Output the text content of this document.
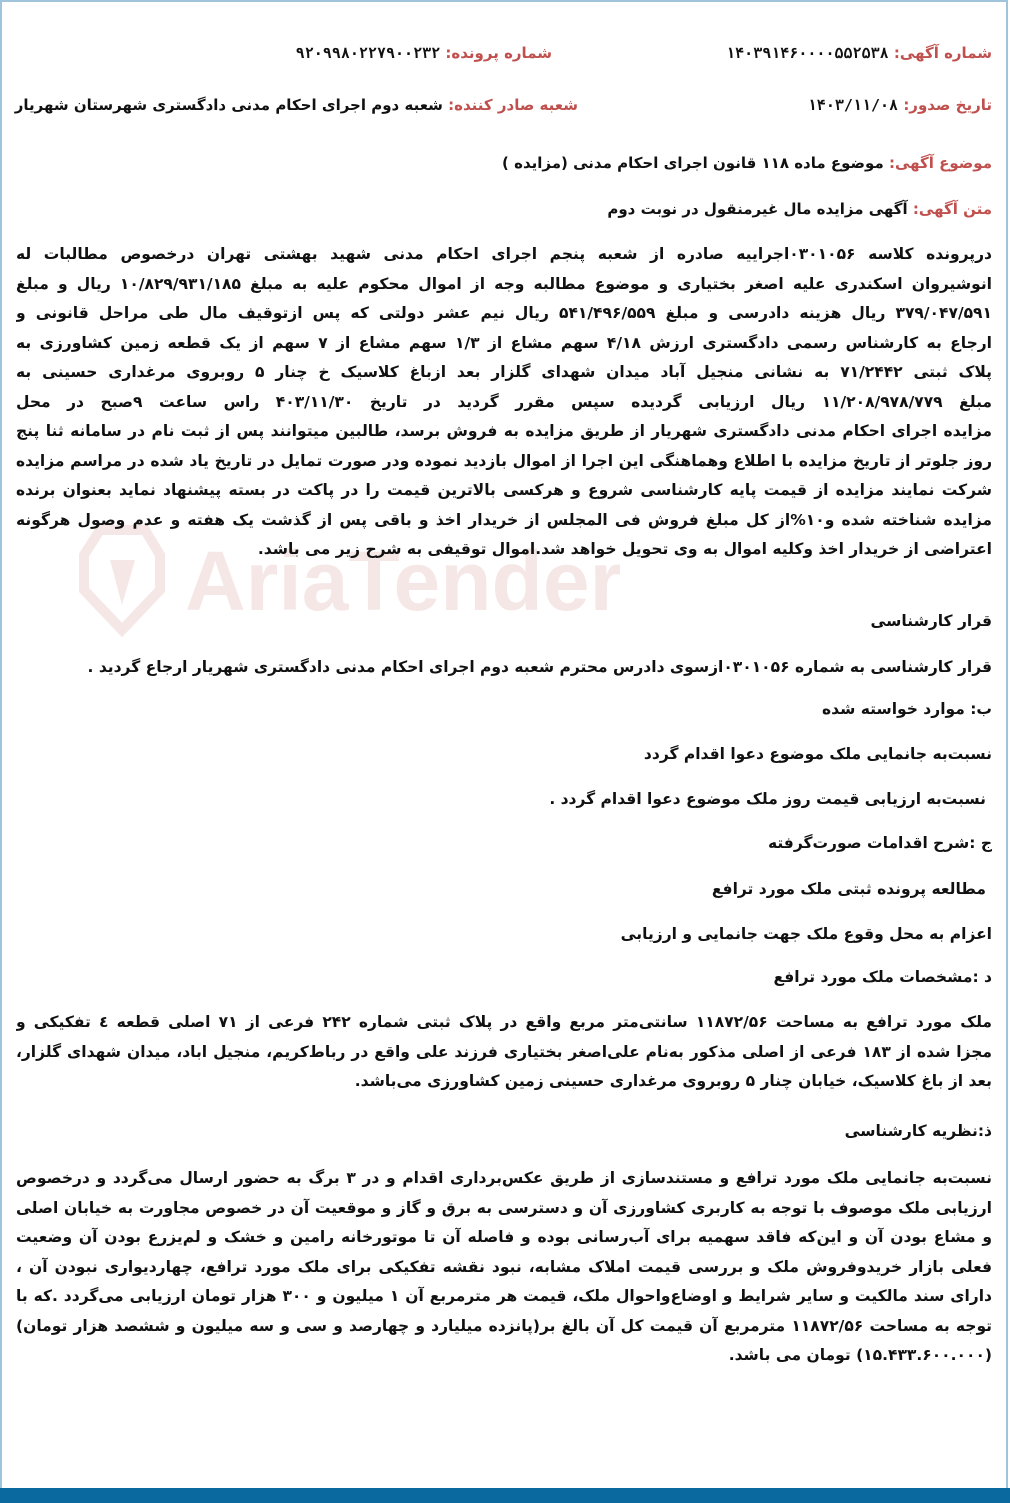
AriaTender
شماره آگهی: ۱۴۰۳۹۱۴۶۰۰۰۰۵۵۲۵۳۸
شماره پرونده: ۹۲۰۹۹۸۰۲۲۷۹۰۰۲۳۲
تاریخ صدور: ۱۴۰۳/۱۱/۰۸
شعبه صادر کننده: شعبه دوم اجرای احکام مدنی دادگستری شهرستان شهریار
موضوع آگهی: موضوع ماده ۱۱۸ قانون اجرای احکام مدنی (مزایده )
متن آگهی: آگهی مزایده مال غیرمنقول در نوبت دوم
درپرونده کلاسه ۰۳۰۱۰۵۶اجراییه صادره از شعبه پنجم اجرای احکام مدنی شهید بهشتی تهران درخصوص مطالبات له
انوشیروان اسکندری علیه اصغر بختیاری و موضوع مطالبه وجه از اموال محکوم علیه به مبلغ ۱۰/۸۲۹/۹۳۱/۱۸۵ ریال و مبلغ
۳۷۹/۰۴۷/۵۹۱ ریال هزینه دادرسی و مبلغ ۵۴۱/۴۹۶/۵۵۹ ریال نیم عشر دولتی که پس ازتوقیف مال طی مراحل قانونی و
ارجاع به کارشناس رسمی دادگستری ارزش ۴/۱۸ سهم مشاع از ۱/۳ سهم مشاع از ۷ سهم از یک قطعه زمین کشاورزی به
پلاک ثبتی ۷۱/۲۴۴۲ به نشانی منجیل آباد میدان شهدای گلزار بعد ازباغ کلاسیک خ چنار ۵ روبروی مرغداری حسینی به
مبلغ ۱۱/۲۰۸/۹۷۸/۷۷۹ ریال ارزیابی گردیده سپس مقرر گردید در تاریخ ۴۰۳/۱۱/۳۰ راس ساعت ۹صبح در محل
مزایده اجرای احکام مدنی دادگستری شهریار از طریق مزایده به فروش برسد، طالبین میتوانند پس از ثبت نام در سامانه ثنا پنج
روز جلوتر از تاریخ مزایده با اطلاع وهماهنگی این اجرا از اموال بازدید نموده ودر صورت تمایل در تاریخ یاد شده در مراسم مزایده
شرکت نمایند مزایده از قیمت پایه کارشناسی شروع و هرکسی بالاترین قیمت را در پاکت در بسته پیشنهاد نماید بعنوان برنده
مزایده شناخته شده و۱۰%از کل مبلغ فروش فی المجلس از خریدار اخذ و باقی پس از گذشت یک هفته و عدم وصول هرگونه
اعتراضی از خریدار اخذ وکلیه اموال به وی تحویل خواهد شد.اموال توقیفی به شرح زیر می باشد.
قرار کارشناسی
قرار کارشناسی به شماره ۰۳۰۱۰۵۶ازسوی دادرس محترم شعبه دوم اجرای احکام مدنی دادگستری شهریار ارجاع گردید .
ب: موارد خواسته شده
نسبت‌به جانمایی ملک موضوع دعوا اقدام گردد
نسبت‌به ارزیابی قیمت روز ملک موضوع دعوا اقدام گردد .
ج :شرح اقدامات صورت‌گرفته
مطالعه پرونده ثبتی ملک مورد ترافع
اعزام به محل وقوع ملک جهت جانمایی و ارزیابی
د :مشخصات ملک مورد ترافع
ملک مورد ترافع به مساحت ۱۱۸۷۲/۵۶ سانتی‌متر مربع واقع در پلاک ثبتی شماره ۲۴۲ فرعی از ۷۱ اصلی قطعه ٤ تفکیکی و
مجزا شده از ۱۸۳ فرعی از اصلی مذکور به‌نام علی‌اصغر بختیاری فرزند علی واقع در رباط‌کریم، منجیل اباد، میدان شهدای گلزار،
بعد از باغ کلاسیک، خیابان چنار ۵ روبروی مرغداری حسینی زمین کشاورزی می‌باشد.
ذ:نظریه کارشناسی
نسبت‌به جانمایی ملک مورد ترافع و مستندسازی از طریق عکس‌برداری اقدام و در ۳ برگ به حضور ارسال می‌گردد و درخصوص
ارزیابی ملک موصوف با توجه به کاربری کشاورزی آن و دسترسی به برق و گاز و موقعیت آن در خصوص مجاورت به خیابان اصلی
و مشاع بودن آن و این‌که فاقد سهمیه برای آب‌رسانی بوده و فاصله آن تا موتورخانه رامین و خشک و لم‌یزرع بودن آن وضعیت
فعلی بازار خریدوفروش ملک و بررسی قیمت املاک مشابه، نبود نقشه تفکیکی برای ملک مورد ترافع، چهاردیواری نبودن آن ،
دارای سند مالکیت و سایر شرایط و اوضاع‌واحوال ملک، قیمت هر مترمربع آن ۱ میلیون و ۳۰۰ هزار تومان ارزیابی می‌گردد .که با
توجه به مساحت ۱۱۸۷۲/۵۶ مترمربع آن قیمت کل آن بالغ بر(پانزده میلیارد و چهارصد و سی و سه میلیون و ششصد هزار تومان)
(۱۵.۴۳۳.۶۰۰.۰۰۰) تومان می باشد.
